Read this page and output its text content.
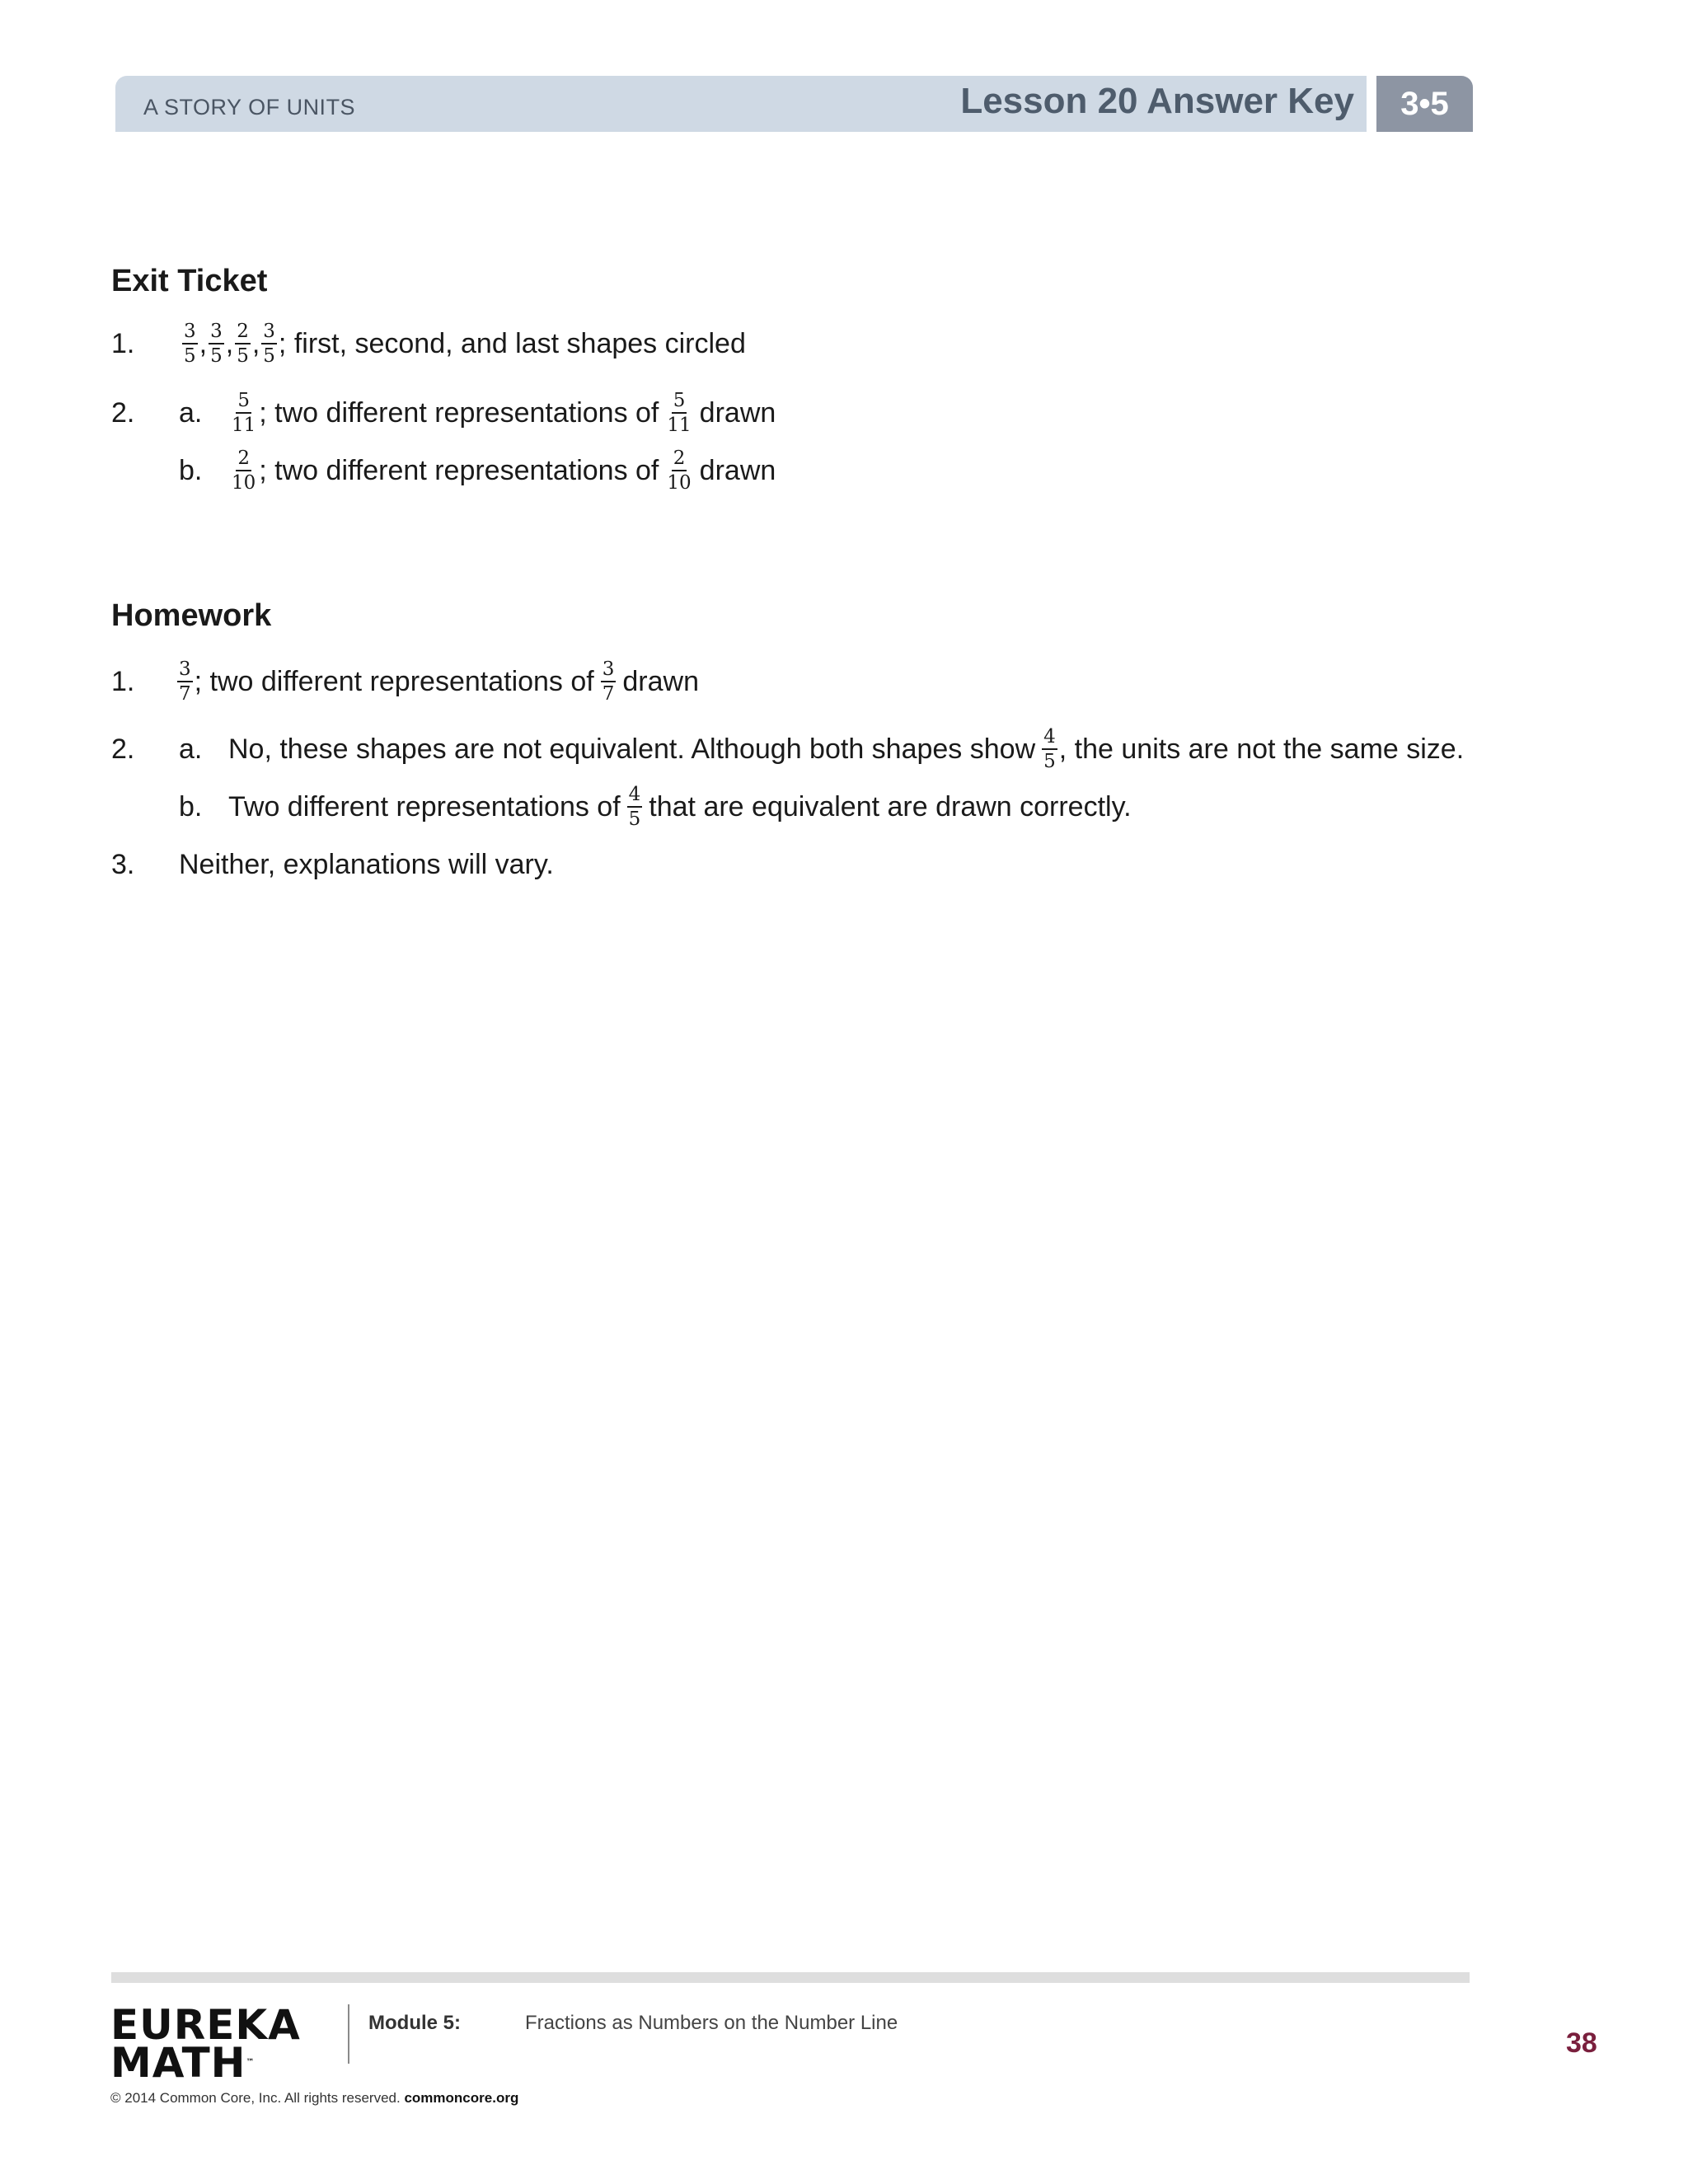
A STORY OF UNITS	Lesson 20 Answer Key	3•5
Exit Ticket
1.	$\frac{3}{5}$ , $\frac{3}{5}$ , $\frac{2}{5}$ , $\frac{3}{5}$ ; first, second, and last shapes circled
2. a. $\frac{5}{11}$ ; two different representations of $\frac{5}{11}$ drawn
b. $\frac{2}{10}$ ; two different representations of $\frac{2}{10}$ drawn
Homework
1. $\frac{3}{7}$ ; two different representations of $\frac{3}{7}$ drawn
2. a. No, these shapes are not equivalent. Although both shapes show $\frac{4}{5}$ , the units are not the same size.
b. Two different representations of $\frac{4}{5}$ that are equivalent are drawn correctly.
3. Neither, explanations will vary.
EUREKA
MATH™
Module 5:	Fractions as Numbers on the Number Line
38
© 2014 Common Core, Inc. All rights reserved. commoncore.org
